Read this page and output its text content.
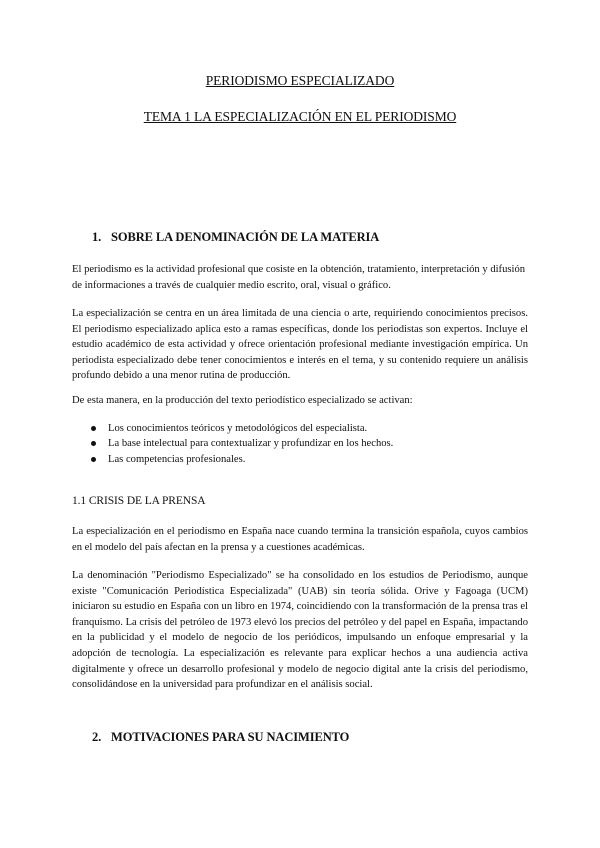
PERIODISMO ESPECIALIZADO
TEMA 1 LA ESPECIALIZACIÓN EN EL PERIODISMO
1. SOBRE LA DENOMINACIÓN DE LA MATERIA
El periodismo es la actividad profesional que cosiste en la obtención, tratamiento, interpretación y difusión de informaciones a través de cualquier medio escrito, oral, visual o gráfico.
La especialización se centra en un área limitada de una ciencia o arte, requiriendo conocimientos precisos. El periodismo especializado aplica esto a ramas específicas, donde los periodistas son expertos. Incluye el estudio académico de esta actividad y ofrece orientación profesional mediante investigación empírica. Un periodista especializado debe tener conocimientos e interés en el tema, y su contenido requiere un análisis profundo debido a una menor rutina de producción.
De esta manera, en la producción del texto periodístico especializado se activan:
Los conocimientos teóricos y metodológicos del especialista.
La base intelectual para contextualizar y profundizar en los hechos.
Las competencias profesionales.
1.1 CRISIS DE LA PRENSA
La especialización en el periodismo en España nace cuando termina la transición española, cuyos cambios en el modelo del país afectan en la prensa y a cuestiones académicas.
La denominación "Periodismo Especializado" se ha consolidado en los estudios de Periodismo, aunque existe "Comunicación Periodística Especializada" (UAB) sin teoría sólida. Orive y Fagoaga (UCM) iniciaron su estudio en España con un libro en 1974, coincidiendo con la transformación de la prensa tras el franquismo. La crisis del petróleo de 1973 elevó los precios del petróleo y del papel en España, impactando en la publicidad y el modelo de negocio de los periódicos, impulsando un enfoque empresarial y la adopción de tecnología. La especialización es relevante para explicar hechos a una audiencia activa digitalmente y ofrece un desarrollo profesional y modelo de negocio digital ante la crisis del periodismo, consolidándose en la universidad para profundizar en el análisis social.
2. MOTIVACIONES PARA SU NACIMIENTO
